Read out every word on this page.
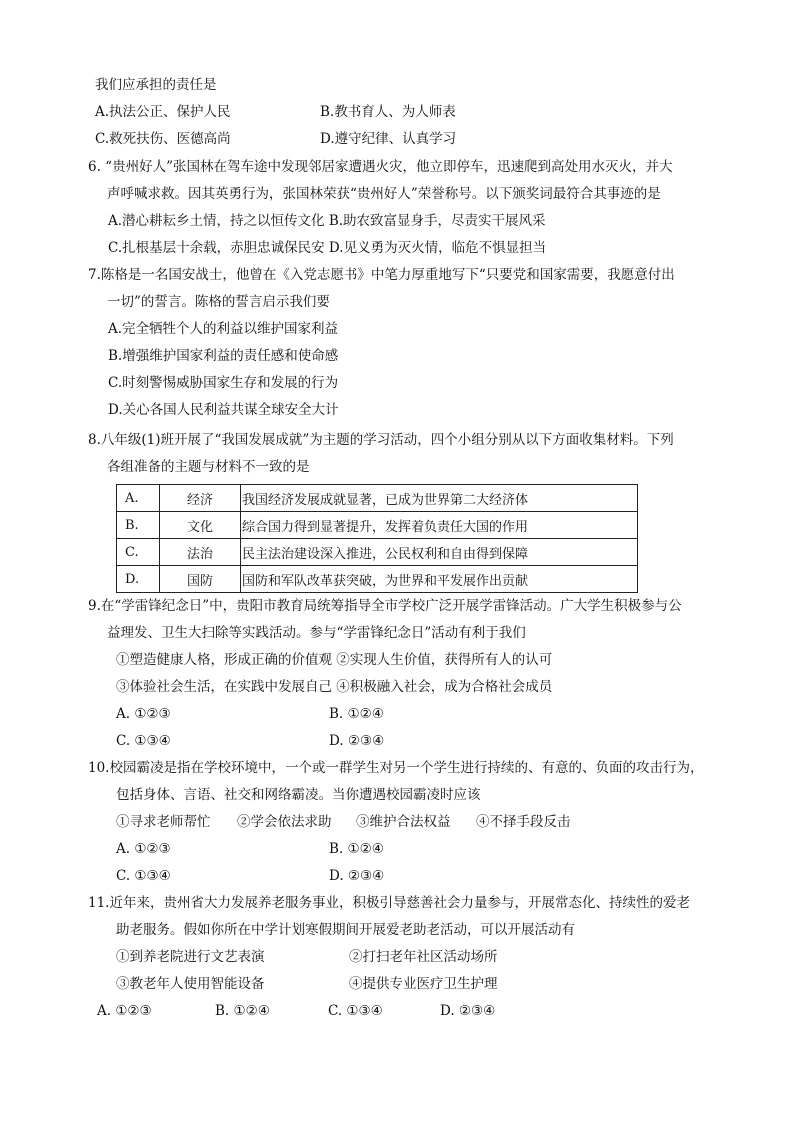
我们应承担的责任是
A.执法公正、保护人民	B.教书育人、为人师表
C.救死扶伤、医德高尚	D.遵守纪律、认真学习
6. “贵州好人”张国林在驾车途中发现邻居家遭遇火灾，他立即停车，迅速爬到高处用水灭火，并大
声呼喊求救。因其英勇行为，张国林荣获“贵州好人”荣誉称号。以下颁奖词最符合其事迹的是
A.潜心耕耘乡土情，持之以恒传文化 B.助农致富显身手，尽责实干展风采
C.扎根基层十余载，赤胆忠诚保民安 D.见义勇为灭火情，临危不惧显担当
7.陈格是一名国安战士，他曾在《入党志愿书》中笔力厚重地写下“只要党和国家需要，我愿意付出
一切”的誓言。陈格的誓言启示我们要
A.完全牺牲个人的利益以维护国家利益
B.增强维护国家利益的责任感和使命感
C.时刻警惕威胁国家生存和发展的行为
D.关心各国人民利益共谋全球安全大计
8.八年级(1)班开展了“我国发展成就”为主题的学习活动，四个小组分别从以下方面收集材料。下列
各组准备的主题与材料不一致的是
A.	经济	我国经济发展成就显著，已成为世界第二大经济体
B.	文化	综合国力得到显著提升，发挥着负责任大国的作用
C.	法治	民主法治建设深入推进，公民权利和自由得到保障
D.	国防	国防和军队改革获突破，为世界和平发展作出贡献
9.在“学雷锋纪念日”中，贵阳市教育局统筹指导全市学校广泛开展学雷锋活动。广大学生积极参与公
益理发、卫生大扫除等实践活动。参与“学雷锋纪念日”活动有利于我们
①塑造健康人格，形成正确的价值观 ②实现人生价值，获得所有人的认可
③体验社会生活，在实践中发展自己 ④积极融入社会，成为合格社会成员
A. ①②③	B. ①②④
C. ①③④	D. ②③④
10.校园霸凌是指在学校环境中，一个或一群学生对另一个学生进行持续的、有意的、负面的攻击行为，
包括身体、言语、社交和网络霸凌。当你遭遇校园霸凌时应该
①寻求老师帮忙 ②学会依法求助 ③维护合法权益 ④不择手段反击
A. ①②③	B. ①②④
C. ①③④	D. ②③④
11.近年来，贵州省大力发展养老服务事业，积极引导慈善社会力量参与，开展常态化、持续性的爱老
助老服务。假如你所在中学计划寒假期间开展爱老助老活动，可以开展活动有
①到养老院进行文艺表演	②打扫老年社区活动场所
③教老年人使用智能设备	④提供专业医疗卫生护理
A. ①②③	B. ①②④	C. ①③④	D. ②③④
